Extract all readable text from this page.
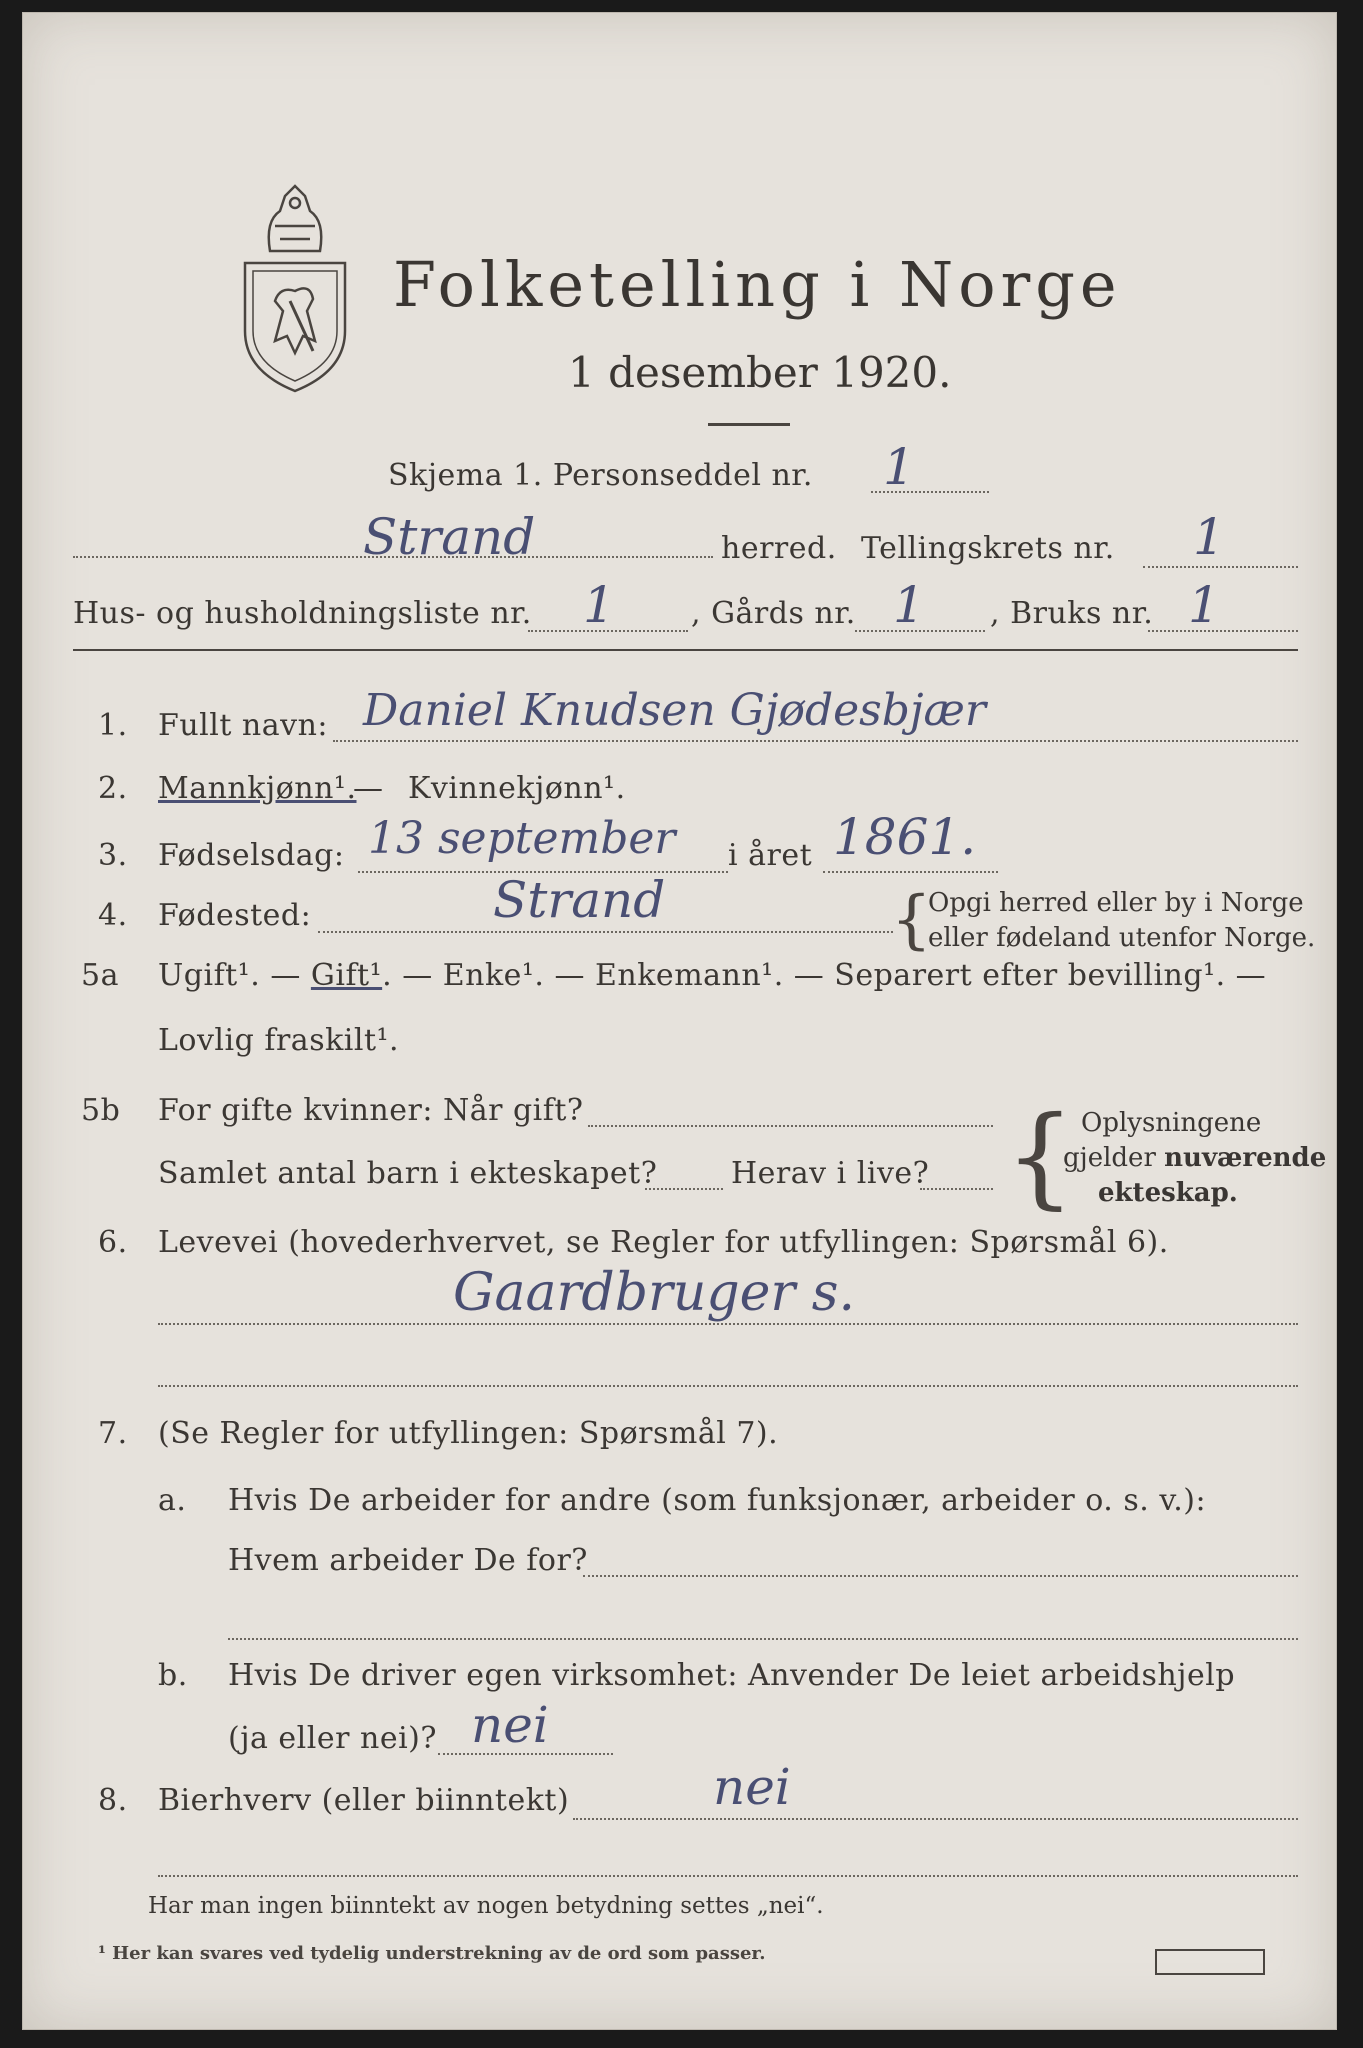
Folketelling i Norge
1 desember 1920.
Skjema 1. Personseddel nr. 1
Strand	herred. Tellingskrets nr. 1
Hus- og husholdningsliste nr. 1	, Gårds nr. 1 , Bruks nr. 1
1. Fullt navn: Daniel Knudsen Gjødesbjær
2. Mannkjønn¹.
— Kvinnekjønn¹.
3. Fødselsdag: 13 september i året 1861.
4. Fødested:	Strand	{
Opgi herred eller by i Norge
eller fødeland utenfor Norge.
5a Ugift¹. — Gift¹. — Enke¹. — Enkemann¹. — Separert efter bevilling¹. —
Lovlig fraskilt¹.
5b For gifte kvinner: Når gift?
Samlet antal barn i ekteskapet? Herav i live? { Oplysningene
gjelder nuværende
ekteskap.
6. Levevei (hovederhvervet, se Regler for utfyllingen: Spørsmål 6).
Gaardbruger s.
7. (Se Regler for utfyllingen: Spørsmål 7).
a. Hvis De arbeider for andre (som funksjonær, arbeider o. s. v.):
Hvem arbeider De for?
b. Hvis De driver egen virksomhet: Anvender De leiet arbeidshjelp
(ja eller nei)? nei
8. Bierhverv (eller biinntekt)	nei
Har man ingen biinntekt av nogen betydning settes „nei“.
¹ Her kan svares ved tydelig understrekning av de ord som passer.
